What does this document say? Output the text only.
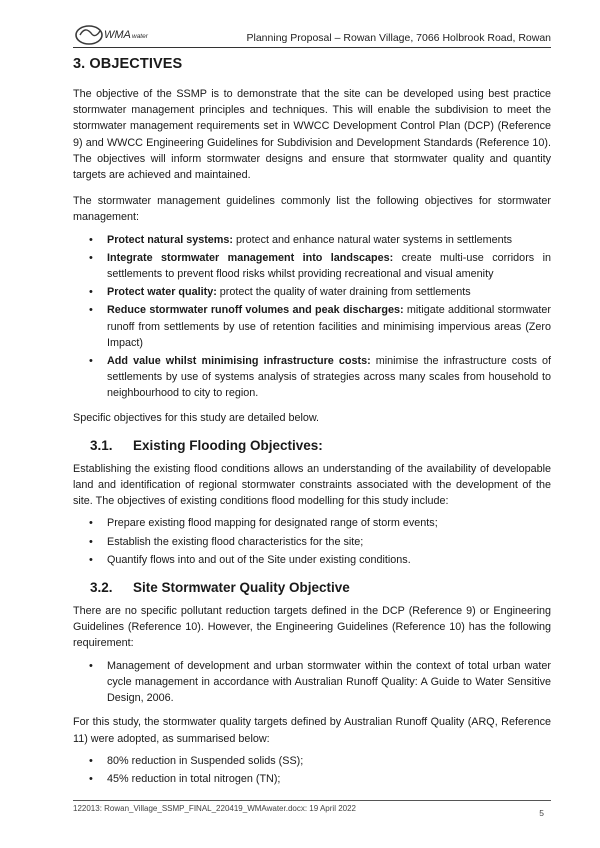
WMA water	Planning Proposal – Rowan Village, 7066 Holbrook Road, Rowan
3. OBJECTIVES

The objective of the SSMP is to demonstrate that the site can be developed using best practice stormwater management principles and techniques. This will enable the subdivision to meet the stormwater management requirements set in WWCC Development Control Plan (DCP) (Reference 9) and WWCC Engineering Guidelines for Subdivision and Development Standards (Reference 10). The objectives will inform stormwater designs and ensure that stormwater quality and quantity targets are achieved and maintained.

The stormwater management guidelines commonly list the following objectives for stormwater management:

• Protect natural systems: protect and enhance natural water systems in settlements
• Integrate stormwater management into landscapes: create multi-use corridors in settlements to prevent flood risks whilst providing recreational and visual amenity
• Protect water quality: protect the quality of water draining from settlements
• Reduce stormwater runoff volumes and peak discharges: mitigate additional stormwater runoff from settlements by use of retention facilities and minimising impervious areas (Zero Impact)
• Add value whilst minimising infrastructure costs: minimise the infrastructure costs of settlements by use of systems analysis of strategies across many scales from household to neighbourhood to city to region.

Specific objectives for this study are detailed below.

3.1. Existing Flooding Objectives:

Establishing the existing flood conditions allows an understanding of the availability of developable land and identification of regional stormwater constraints associated with the development of the site. The objectives of existing conditions flood modelling for this study include:

• Prepare existing flood mapping for designated range of storm events;
• Establish the existing flood characteristics for the site;
• Quantify flows into and out of the Site under existing conditions.
3.2. Site Stormwater Quality Objective

There are no specific pollutant reduction targets defined in the DCP (Reference 9) or Engineering Guidelines (Reference 10). However, the Engineering Guidelines (Reference 10) has the following requirement:

• Management of development and urban stormwater within the context of total urban water cycle management in accordance with Australian Runoff Quality: A Guide to Water Sensitive Design, 2006.

For this study, the stormwater quality targets defined by Australian Runoff Quality (ARQ, Reference 11) were adopted, as summarised below:

• 80% reduction in Suspended solids (SS);
• 45% reduction in total nitrogen (TN);
122013: Rowan_Village_SSMP_FINAL_220419_WMAwater.docx: 19 April 2022	5
